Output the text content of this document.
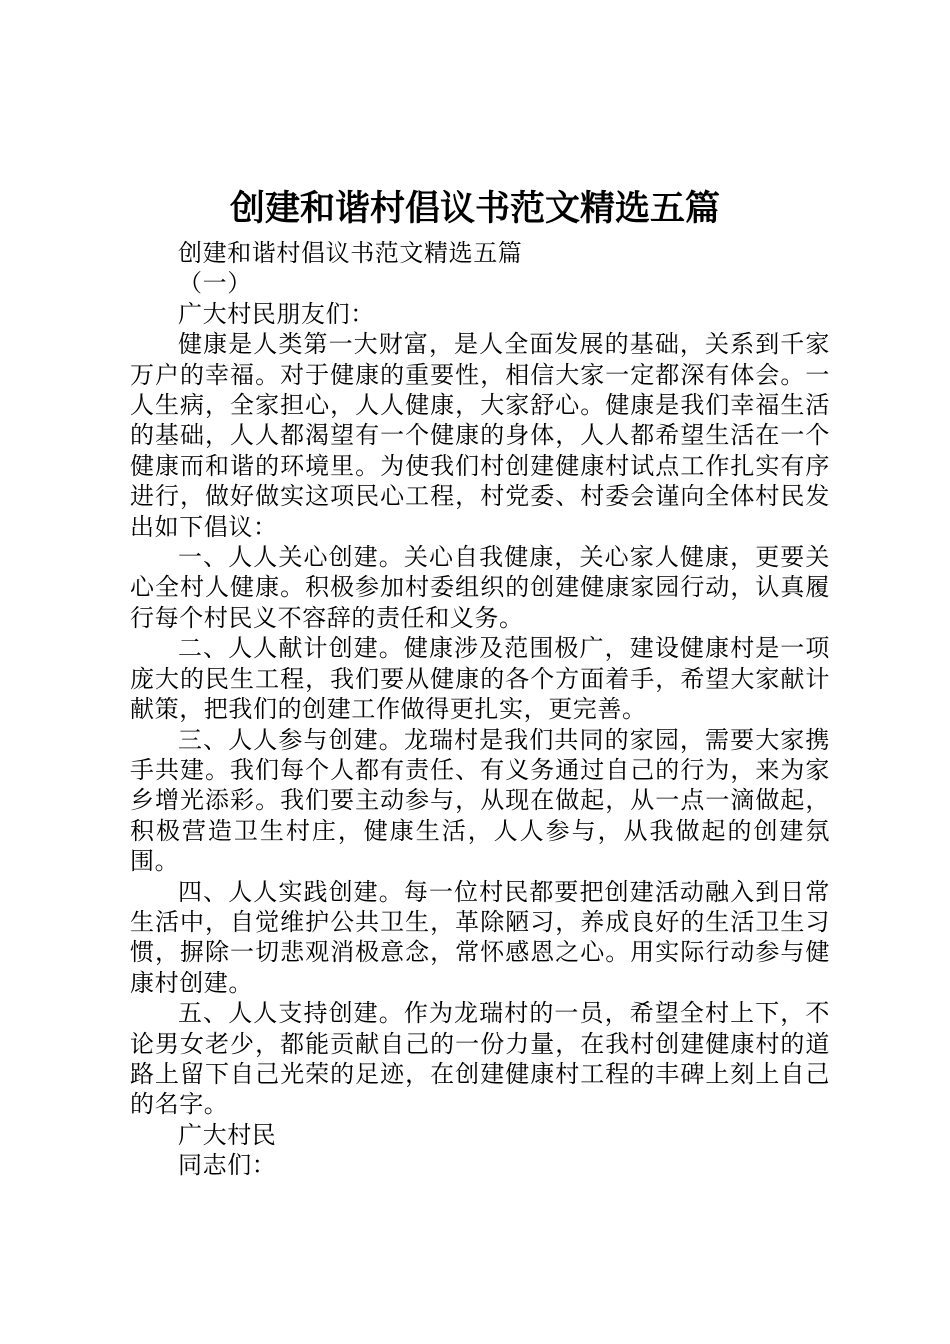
创建和谐村倡议书范文精选五篇

创建和谐村倡议书范文精选五篇

（一）

广大村民朋友们：

健康是人类第一大财富，是人全面发展的基础，关系到千家万户的幸福。对于健康的重要性，相信大家一定都深有体会。一人生病，全家担心，人人健康，大家舒心。健康是我们幸福生活的基础，人人都渴望有一个健康的身体，人人都希望生活在一个健康而和谐的环境里。为使我们村创建健康村试点工作扎实有序进行，做好做实这项民心工程，村党委、村委会谨向全体村民发出如下倡议：

一、人人关心创建。关心自我健康，关心家人健康，更要关心全村人健康。积极参加村委组织的创建健康家园行动，认真履行每个村民义不容辞的责任和义务。

二、人人献计创建。健康涉及范围极广，建设健康村是一项庞大的民生工程，我们要从健康的各个方面着手，希望大家献计献策，把我们的创建工作做得更扎实，更完善。

三、人人参与创建。龙瑞村是我们共同的家园，需要大家携手共建。我们每个人都有责任、有义务通过自己的行为，来为家乡增光添彩。我们要主动参与，从现在做起，从一点一滴做起，积极营造卫生村庄，健康生活，人人参与，从我做起的创建氛围。

四、人人实践创建。每一位村民都要把创建活动融入到日常生活中，自觉维护公共卫生，革除陋习，养成良好的生活卫生习惯，摒除一切悲观消极意念，常怀感恩之心。用实际行动参与健康村创建。

五、人人支持创建。作为龙瑞村的一员，希望全村上下，不论男女老少，都能贡献自己的一份力量，在我村创建健康村的道路上留下自己光荣的足迹，在创建健康村工程的丰碑上刻上自己的名字。

广大村民

同志们：
